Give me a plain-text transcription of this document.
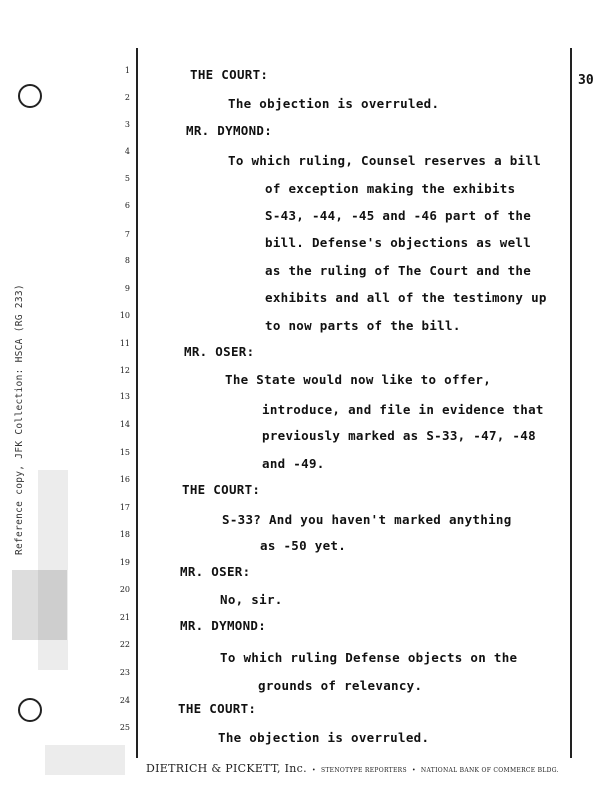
Reference copy, JFK Collection: HSCA (RG 233)
30
1
2
3
4
5
6
7
8
9
10
11
12
13
14
15
16
17
18
19
20
21
22
23
24
25
THE COURT:
The objection is overruled.
MR. DYMOND:
To which ruling, Counsel reserves a bill
of exception making the exhibits
S-43, -44, -45 and -46 part of the
bill. Defense's objections as well
as the ruling of The Court and the
exhibits and all of the testimony up
to now parts of the bill.
MR. OSER:
The State would now like to offer,
introduce, and file in evidence that
previously marked as S-33, -47, -48
and -49.
THE COURT:
S-33? And you haven't marked anything
as -50 yet.
MR. OSER:
No, sir.
MR. DYMOND:
To which ruling Defense objects on the
grounds of relevancy.
THE COURT:
The objection is overruled.
DIETRICH & PICKETT, Inc. • STENOTYPE REPORTERS • NATIONAL BANK OF COMMERCE BLDG.
